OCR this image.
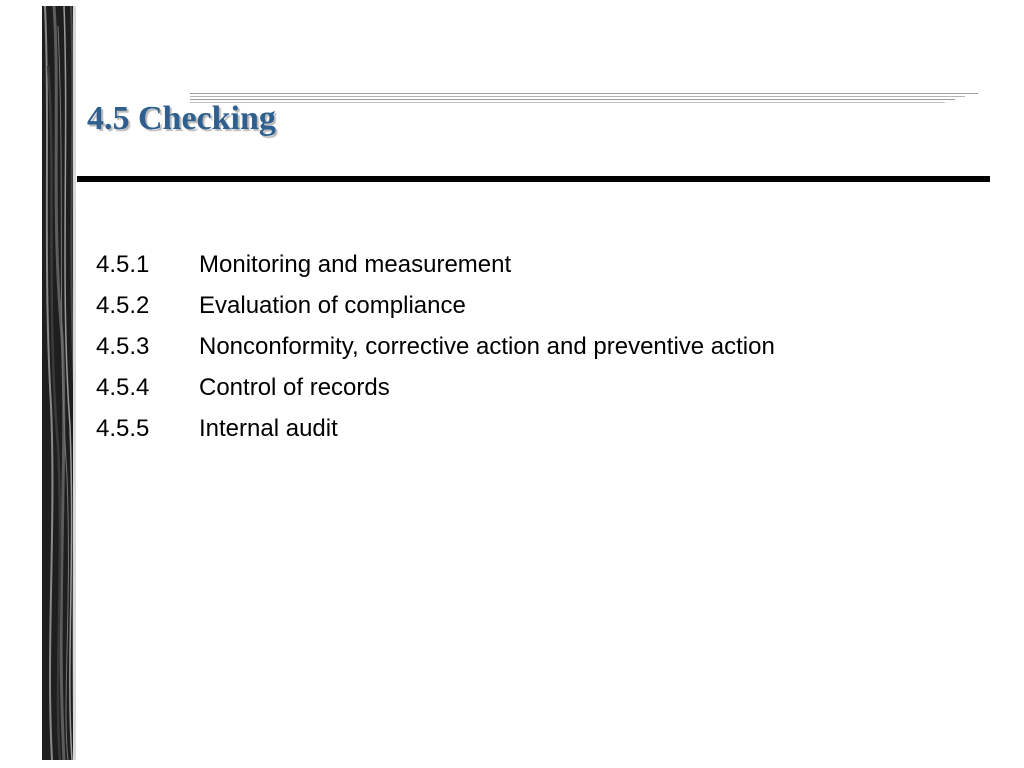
4.5 Checking
4.5.1	Monitoring and measurement
4.5.2	Evaluation of compliance
4.5.3	Nonconformity, corrective action and preventive action
4.5.4	Control of records
4.5.5	Internal audit
